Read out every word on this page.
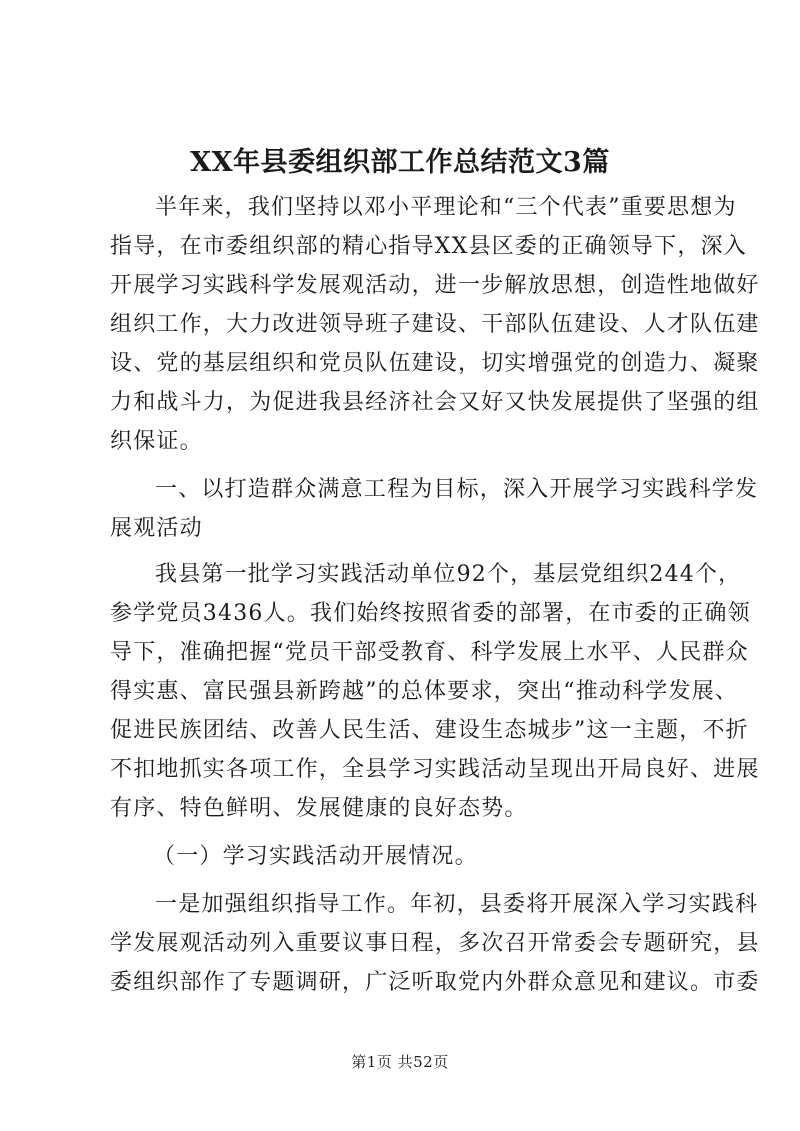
XX年县委组织部工作总结范文3篇
半年来，我们坚持以邓小平理论和“三个代表”重要思想为
指导，在市委组织部的精心指导XX县区委的正确领导下，深入
开展学习实践科学发展观活动，进一步解放思想，创造性地做好
组织工作，大力改进领导班子建设、干部队伍建设、人才队伍建
设、党的基层组织和党员队伍建设，切实增强党的创造力、凝聚
力和战斗力，为促进我县经济社会又好又快发展提供了坚强的组
织保证。
一、以打造群众满意工程为目标，深入开展学习实践科学发
展观活动
我县第一批学习实践活动单位92个，基层党组织244个，
参学党员3436人。我们始终按照省委的部署，在市委的正确领
导下，准确把握“党员干部受教育、科学发展上水平、人民群众
得实惠、富民强县新跨越”的总体要求，突出“推动科学发展、
促进民族团结、改善人民生活、建设生态城步”这一主题，不折
不扣地抓实各项工作，全县学习实践活动呈现出开局良好、进展
有序、特色鲜明、发展健康的良好态势。
（一）学习实践活动开展情况。
一是加强组织指导工作。年初，县委将开展深入学习实践科
学发展观活动列入重要议事日程，多次召开常委会专题研究，县
委组织部作了专题调研，广泛听取党内外群众意见和建议。市委
第1页 共52页
